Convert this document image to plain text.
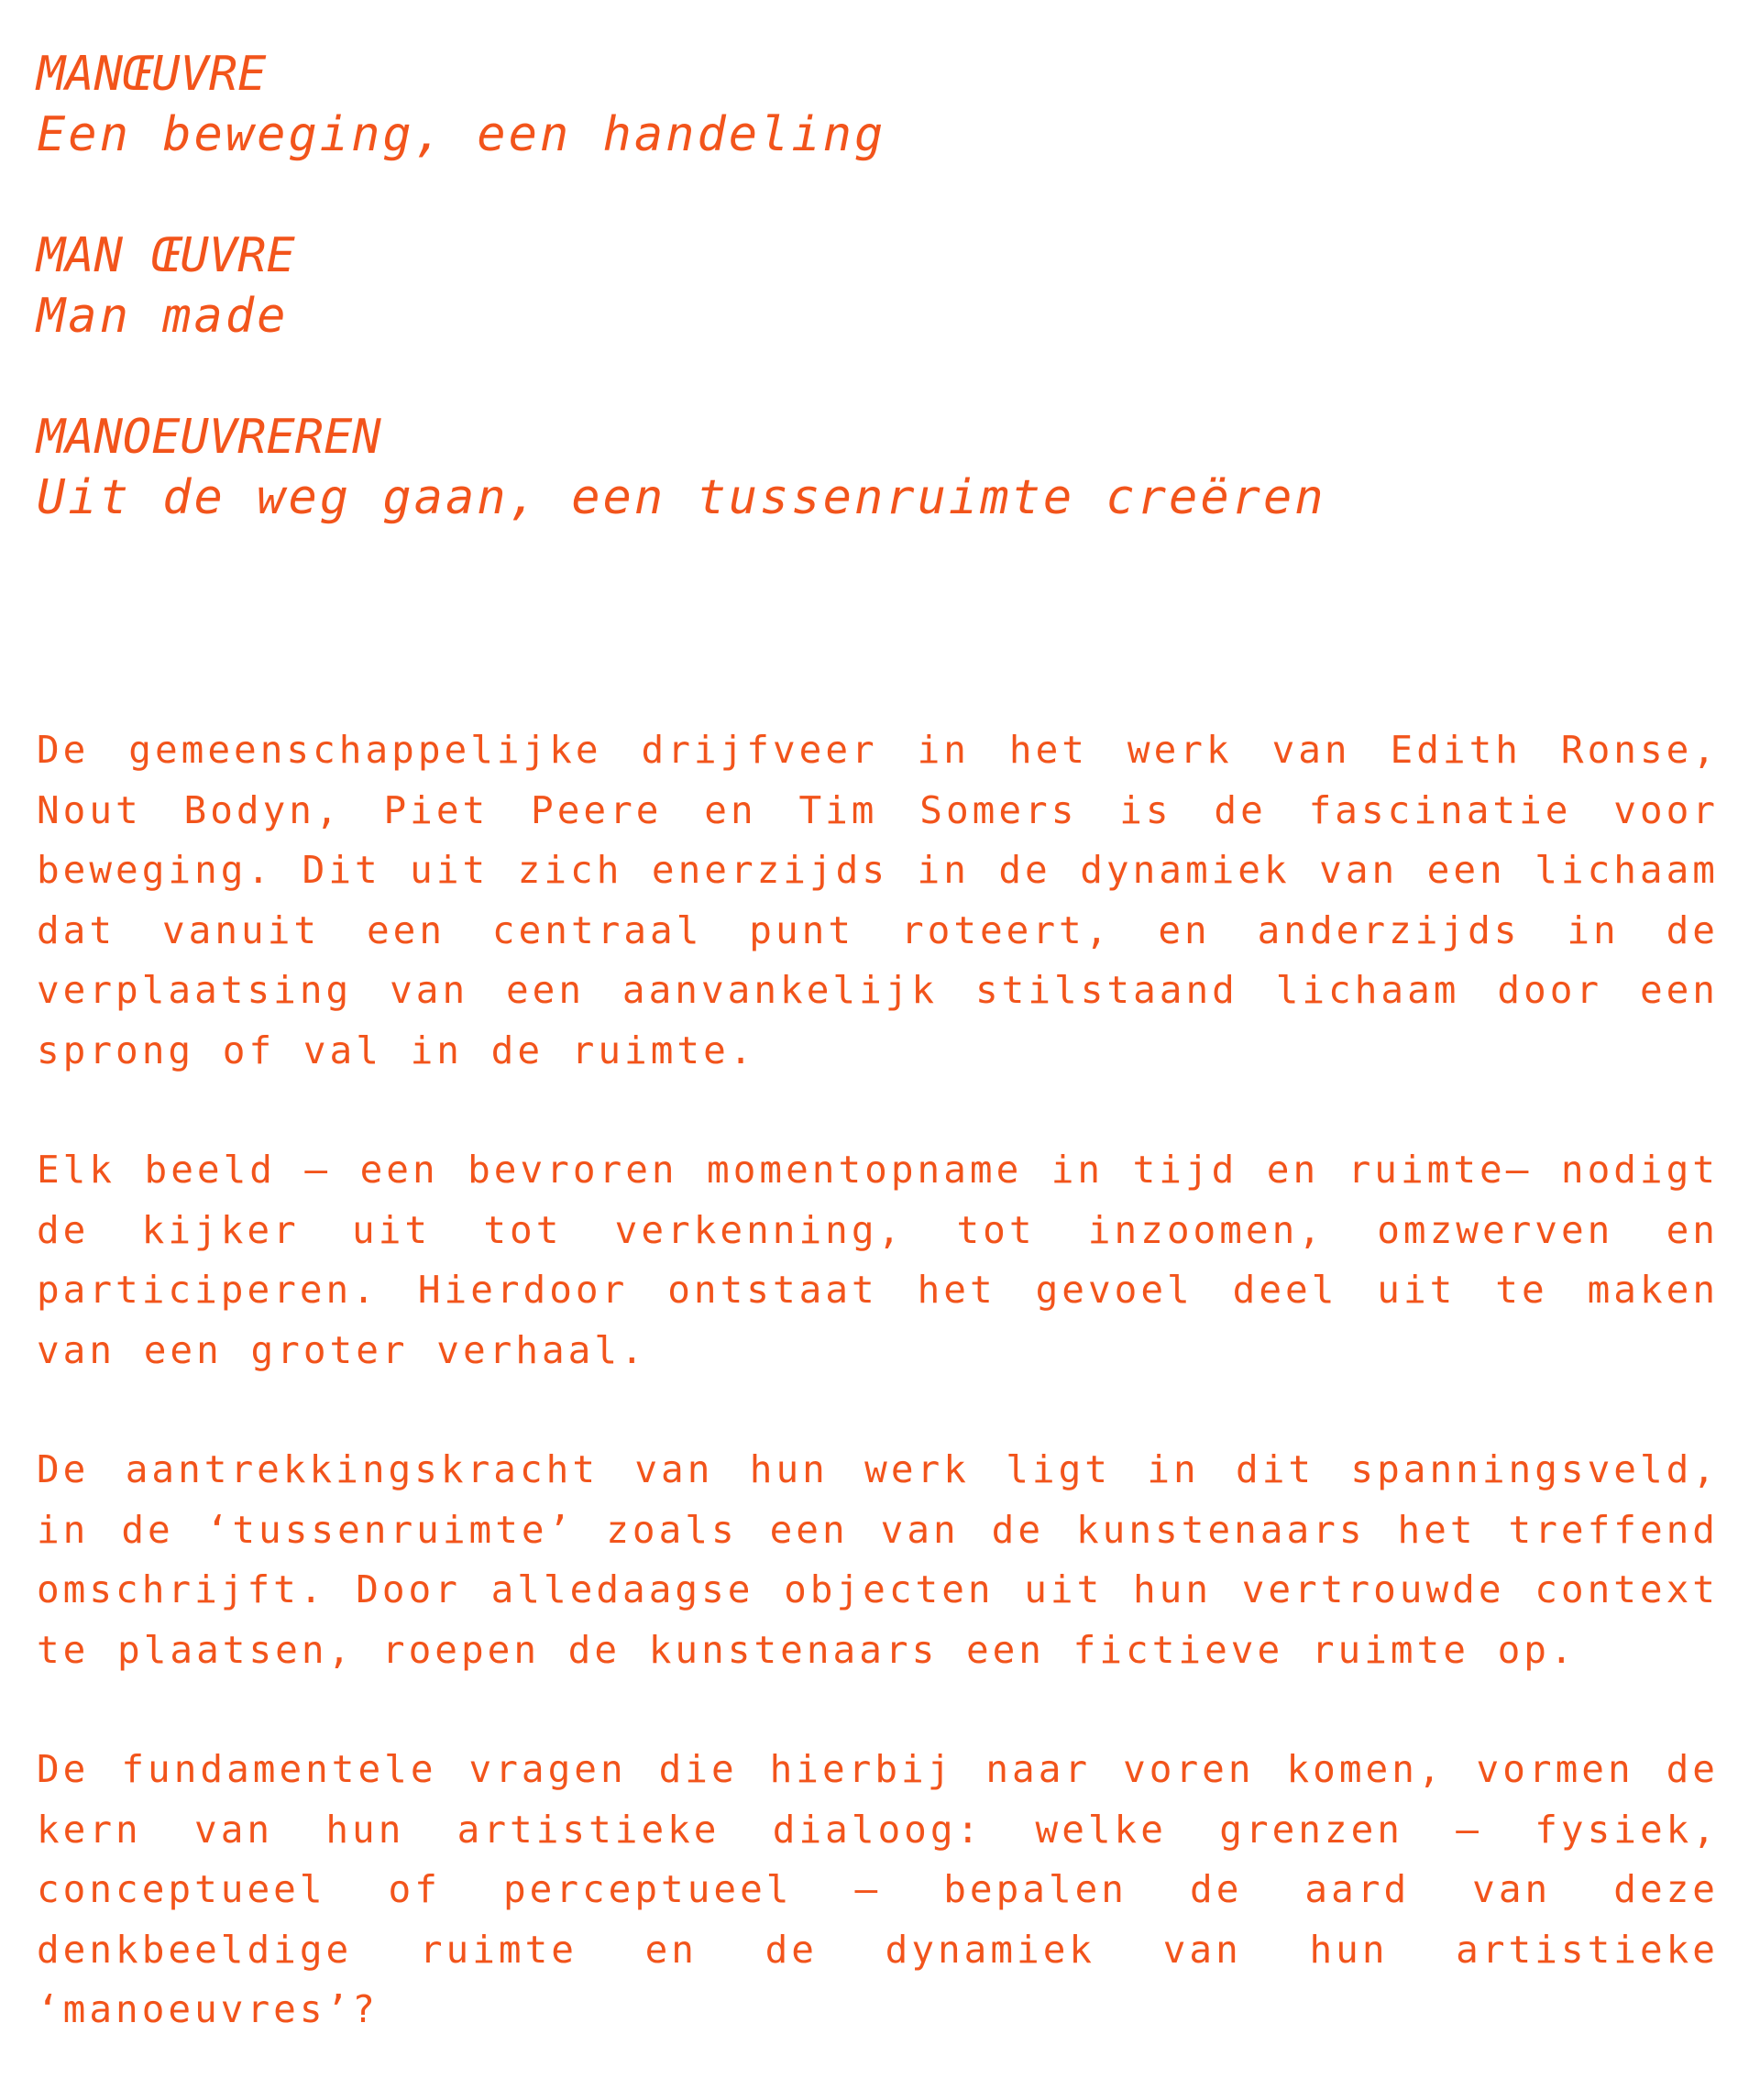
MANŒUVRE
Een beweging, een handeling
MAN ŒUVRE
Man made
MANOEUVREREN
Uit de weg gaan, een tussenruimte creëren

De gemeenschappelijke drijfveer in het werk van Edith Ronse, Nout Bodyn, Piet Peere en Tim Somers is de fascinatie voor beweging. Dit uit zich enerzijds in de dynamiek van een lichaam dat vanuit een centraal punt roteert, en anderzijds in de verplaatsing van een aanvankelijk stilstaand lichaam door een sprong of val in de ruimte.

Elk beeld – een bevroren momentopname in tijd en ruimte– nodigt de kijker uit tot verkenning, tot inzoomen, omzwerven en participeren. Hierdoor ontstaat het gevoel deel uit te maken van een groter verhaal.

De aantrekkingskracht van hun werk ligt in dit spanningsveld, in de ‘tussenruimte’ zoals een van de kunstenaars het treffend omschrijft. Door alledaagse objecten uit hun vertrouwde context te plaatsen, roepen de kunstenaars een fictieve ruimte op.

De fundamentele vragen die hierbij naar voren komen, vormen de kern van hun artistieke dialoog: welke grenzen – fysiek, conceptueel of perceptueel – bepalen de aard van deze denkbeeldige ruimte en de dynamiek van hun artistieke ‘manoeuvres’?
